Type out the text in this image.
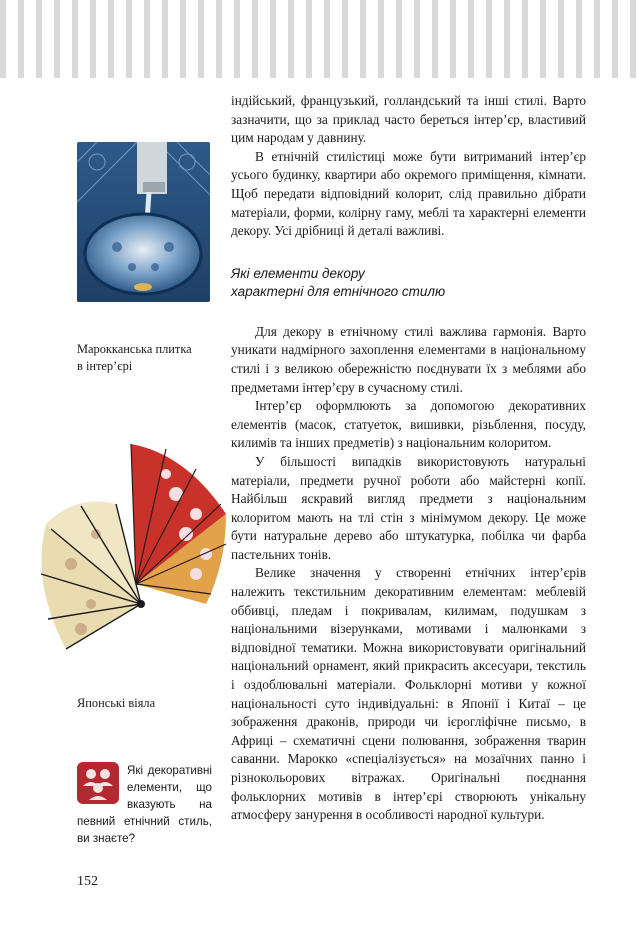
Марокканська плитка
в інтер’єрі
Японські віяла
Які декоративні елементи, що вказують на певний етнічний стиль, ви знаєте?
152

індійський, французький, голландський та інші стилі. Варто зазначити, що за приклад часто береться інтер’єр, властивий цим народам у давнину.

В етнічній стилістиці може бути витриманий інтер’єр усього будинку, квартири або окремого приміщення, кімнати. Щоб передати відповідний колорит, слід правильно дібрати матеріали, форми, колірну гаму, меблі та характерні елементи декору. Усі дрібниці й деталі важливі.

Які елементи декору
характерні для етнічного стилю

Для декору в етнічному стилі важлива гармонія. Варто уникати надмірного захоплення елементами в національному стилі і з великою обережністю поєднувати їх з меблями або предметами інтер’єру в сучасному стилі.

Інтер’єр оформлюють за допомогою декоративних елементів (масок, статуеток, вишивки, різьблення, посуду, килимів та інших предметів) з національним колоритом.

У більшості випадків використовують натуральні матеріали, предмети ручної роботи або майстерні копії. Найбільш яскравий вигляд предмети з національним колоритом мають на тлі стін з мінімумом декору. Це може бути натуральне дерево або штукатурка, побілка чи фарба пастельних тонів.

Велике значення у створенні етнічних інтер’єрів належить текстильним декоративним елементам: меблевій оббивці, пледам і покривалам, килимам, подушкам з національними візерунками, мотивами і малюнками з відповідної тематики. Можна використовувати оригінальний національний орнамент, який прикрасить аксесуари, текстиль і оздоблювальні матеріали. Фольклорні мотиви у кожної національності суто індивідуальні: в Японії і Китаї – це зображення драконів, природи чи ієрогліфічне письмо, в Африці – схематичні сцени полювання, зображення тварин саванни. Марокко «спеціалізується» на мозаїчних панно і різнокольорових вітражах. Оригінальні поєднання фольклорних мотивів в інтер’єрі створюють унікальну атмосферу занурення в особливості народної культури.
